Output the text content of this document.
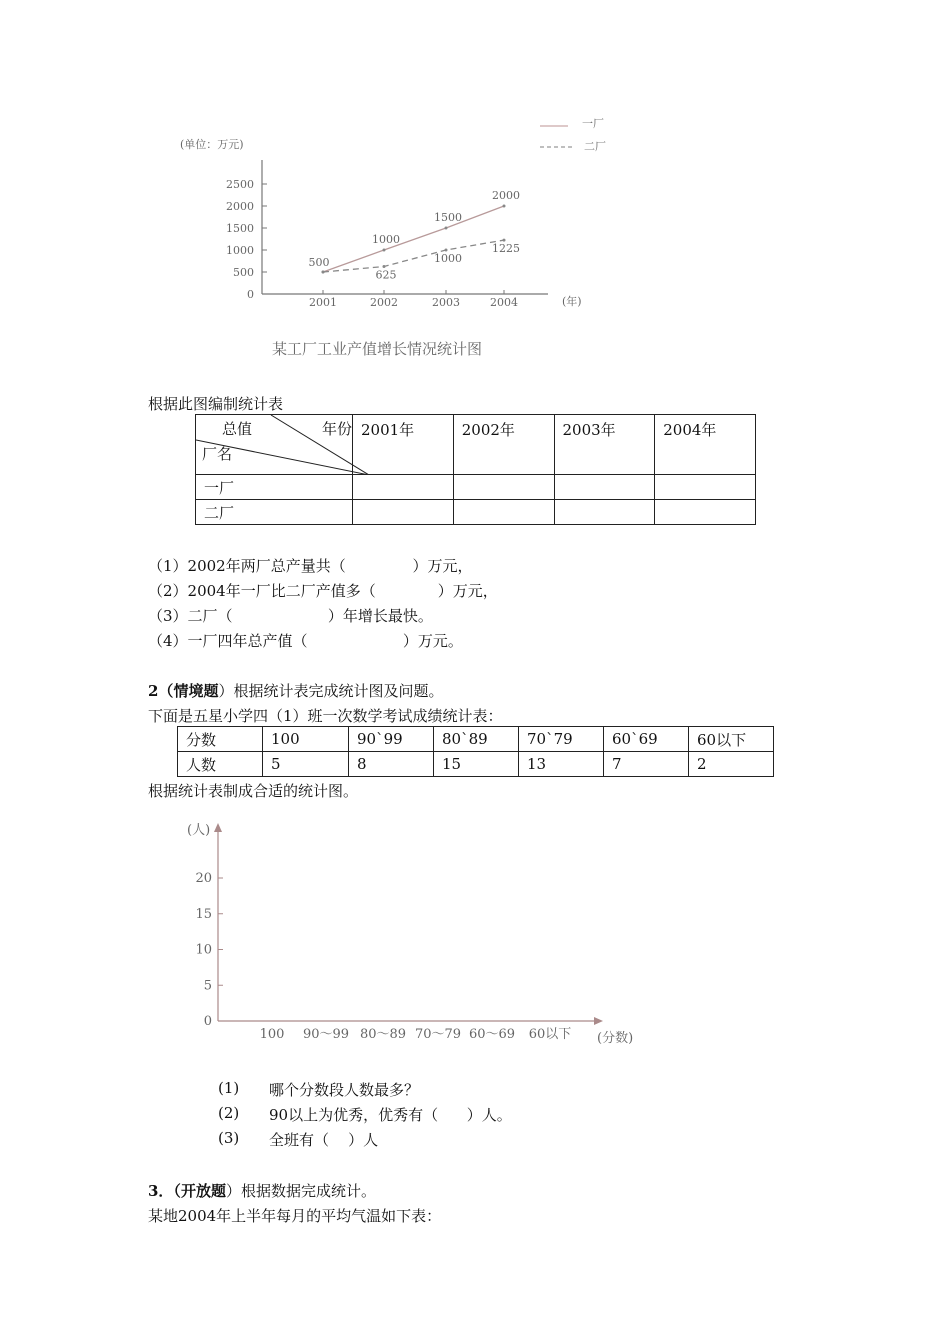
一厂
二厂
(单位：万元)
(年)
0
500
1000
1500
2000
2500
2001	2002	2003	2004
1000
1500
2000
625
1000
1225
500
某工厂工业产值增长情况统计图
根据此图编制统计表
总值 年份
厂名	2001年	2002年	2003年	2004年
一厂				
二厂				
（1）2002年两厂总产量共（              ）万元，
（2）2004年一厂比二厂产值多（             ）万元，
（3）二厂（                    ）年增长最快。
（4）一厂四年总产值（                    ）万元。
2（情境题）根据统计表完成统计图及问题。
下面是五星小学四（1）班一次数学考试成绩统计表：
分数	100	90`99	80`89	70`79	60`69	60以下
人数	5	8	15	13	7	2
根据统计表制成合适的统计图。
(人)
0
5
10
15
20
100 90～99 80～89 70～79 60～69 60以下 (分数)
(1) 哪个分数段人数最多？
(2) 90以上为优秀，优秀有（      ）人。
(3) 全班有（    ）人
3．（开放题）根据数据完成统计。
某地2004年上半年每月的平均气温如下表：
